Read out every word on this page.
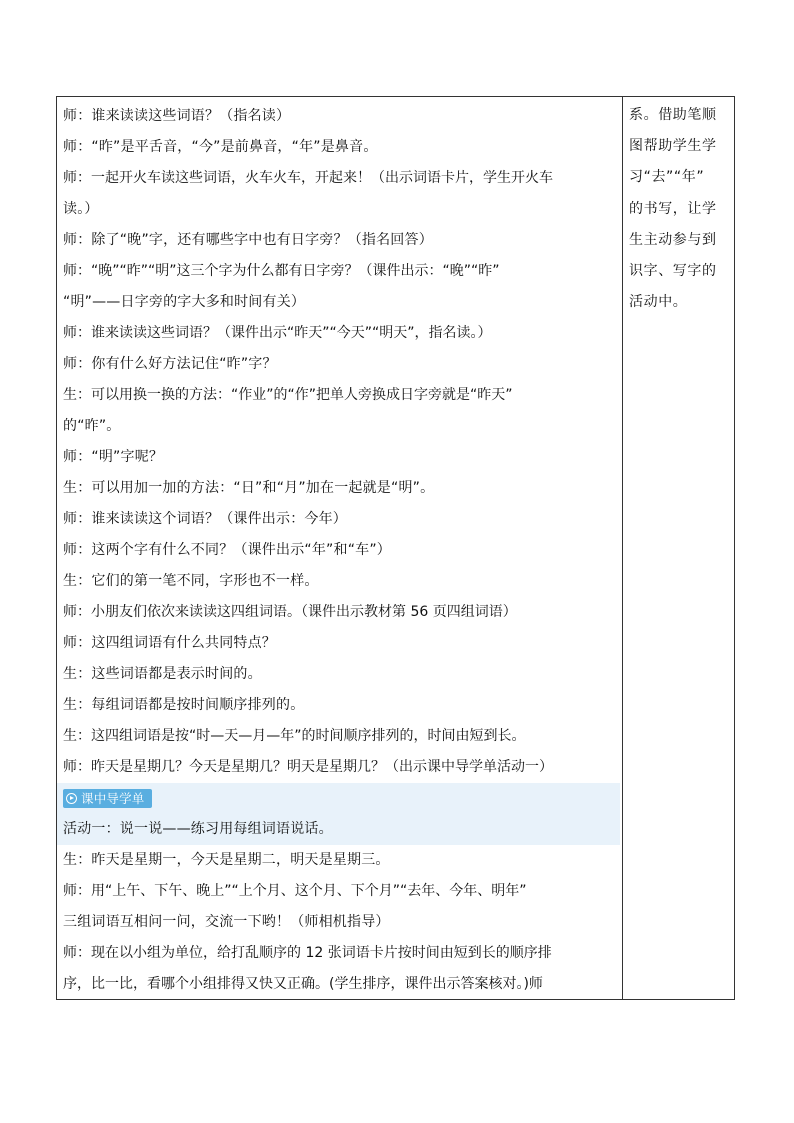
师：谁来读读这些词语？（指名读）
师：“昨”是平舌音，“今”是前鼻音，“年”是鼻音。
师：一起开火车读这些词语，火车火车，开起来！（出示词语卡片，学生开火车
读。）
师：除了“晚”字，还有哪些字中也有日字旁？（指名回答）
师：“晚”“昨”“明”这三个字为什么都有日字旁？（课件出示：“晚”“昨”
“明”——日字旁的字大多和时间有关）
师：谁来读读这些词语？（课件出示“昨天”“今天”“明天”，指名读。）
师：你有什么好方法记住“昨”字？
生：可以用换一换的方法：“作业”的“作”把单人旁换成日字旁就是“昨天”
的“昨”。
师：“明”字呢？
生：可以用加一加的方法：“日”和“月”加在一起就是“明”。
师：谁来读读这个词语？（课件出示：今年）
师：这两个字有什么不同？（课件出示“年”和“车”）
生：它们的第一笔不同，字形也不一样。
师：小朋友们依次来读读这四组词语。（课件出示教材第 56 页四组词语）
师：这四组词语有什么共同特点？
生：这些词语都是表示时间的。
生：每组词语都是按时间顺序排列的。
生：这四组词语是按“时—天—月—年”的时间顺序排列的，时间由短到长。
师：昨天是星期几？今天是星期几？明天是星期几？（出示课中导学单活动一）
课中导学单
活动一：说一说——练习用每组词语说话。
生：昨天是星期一，今天是星期二，明天是星期三。
师：用“上午、下午、晚上”“上个月、这个月、下个月”“去年、今年、明年”
三组词语互相问一问，交流一下哟！（师相机指导）
师：现在以小组为单位，给打乱顺序的 12 张词语卡片按时间由短到长的顺序排
序，比一比，看哪个小组排得又快又正确。(学生排序，课件出示答案核对。)师
系。借助笔顺
图帮助学生学
习“去”“年”
的书写，让学
生主动参与到
识字、写字的
活动中。
